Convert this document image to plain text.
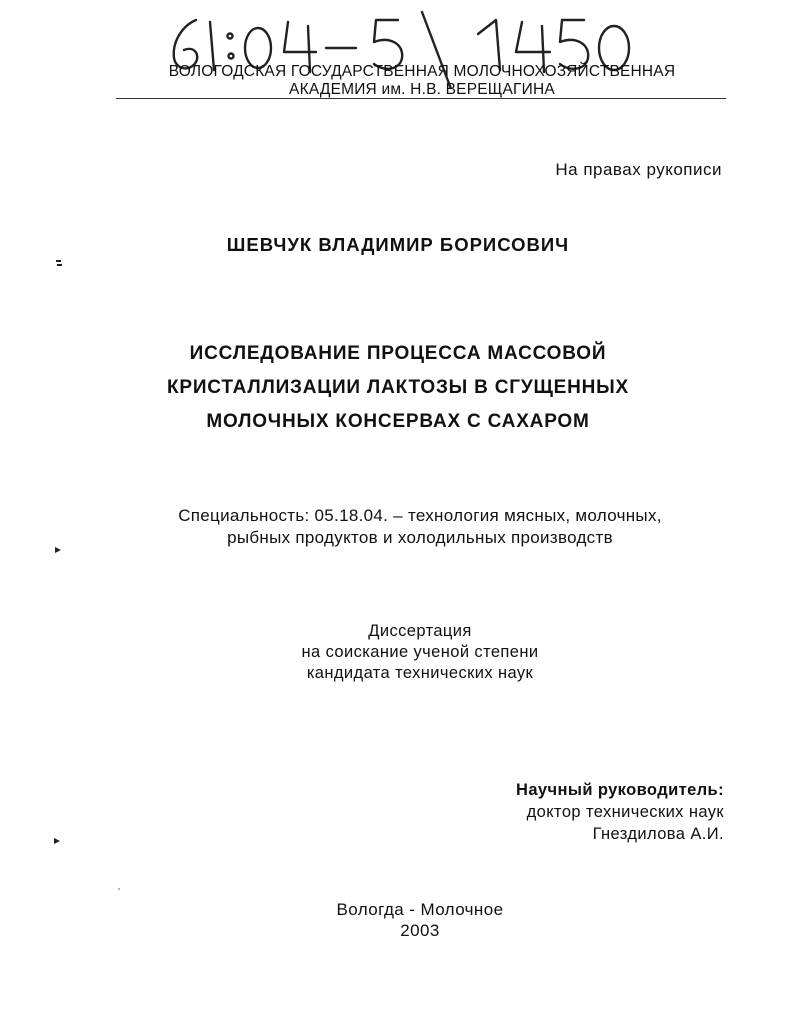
ВОЛОГОДСКАЯ ГОСУДАРСТВЕННАЯ МОЛОЧНОХОЗЯЙСТВЕННАЯ
АКАДЕМИЯ им. Н.В. ВЕРЕЩАГИНА
На правах рукописи
ШЕВЧУК ВЛАДИМИР БОРИСОВИЧ
ИССЛЕДОВАНИЕ ПРОЦЕССА МАССОВОЙ
КРИСТАЛЛИЗАЦИИ ЛАКТОЗЫ В СГУЩЕННЫХ
МОЛОЧНЫХ КОНСЕРВАХ С САХАРОМ
Специальность: 05.18.04. – технология мясных, молочных,
рыбных продуктов и холодильных производств
Диссертация
на соискание ученой степени
кандидата технических наук
Научный руководитель:
доктор технических наук
Гнездилова А.И.
Вологда - Молочное
2003
